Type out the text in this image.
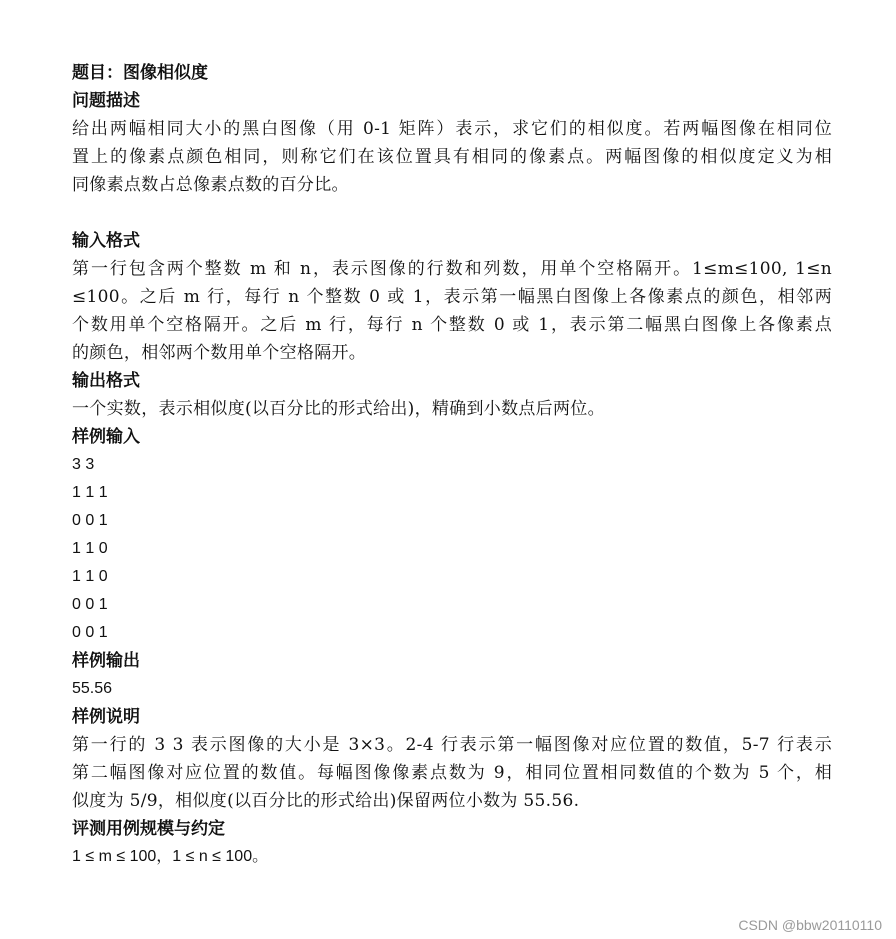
题目：图像相似度
问题描述
给出两幅相同大小的黑白图像（用 0-1 矩阵）表示，求它们的相似度。若两幅图像在相同位
置上的像素点颜色相同，则称它们在该位置具有相同的像素点。两幅图像的相似度定义为相
同像素点数占总像素点数的百分比。
输入格式
第一行包含两个整数 m 和 n，表示图像的行数和列数，用单个空格隔开。1≤m≤100, 1≤n
≤100。之后 m 行，每行 n 个整数 0 或 1，表示第一幅黑白图像上各像素点的颜色，相邻两
个数用单个空格隔开。之后 m 行，每行 n 个整数 0 或 1，表示第二幅黑白图像上各像素点
的颜色，相邻两个数用单个空格隔开。
输出格式
一个实数，表示相似度(以百分比的形式给出)，精确到小数点后两位。
样例输入
3 3
1 1 1
0 0 1
1 1 0
1 1 0
0 0 1
0 0 1
样例输出
55.56
样例说明
第一行的 3 3 表示图像的大小是 3×3。2-4 行表示第一幅图像对应位置的数值，5-7 行表示
第二幅图像对应位置的数值。每幅图像像素点数为 9，相同位置相同数值的个数为 5 个，相
似度为 5/9，相似度(以百分比的形式给出)保留两位小数为 55.56.
评测用例规模与约定
1 ≤ m ≤ 100，1 ≤ n ≤ 100。
CSDN @bbw20110110
